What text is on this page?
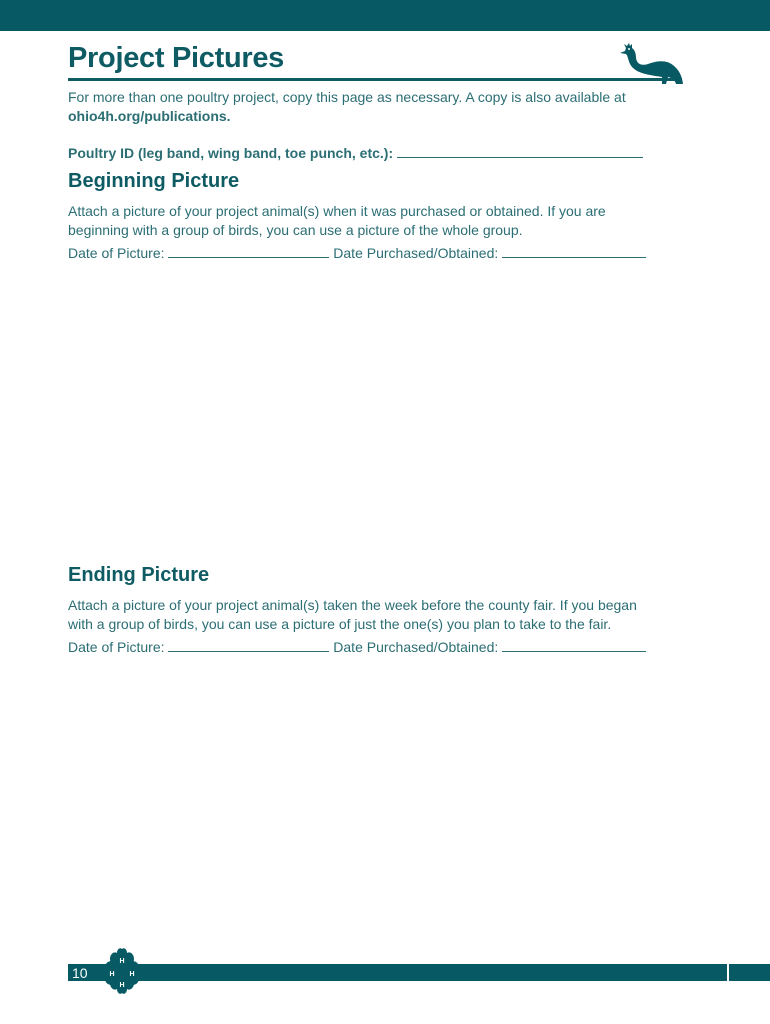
Project Pictures

For more than one poultry project, copy this page as necessary. A copy is also available at

ohio4h.org/publications.

Poultry ID (leg band, wing band, toe punch, etc.):

Beginning Picture

Attach a picture of your project animal(s) when it was purchased or obtained. If you are

beginning with a group of birds, you can use a picture of the whole group.

Date of Picture:	Date Purchased/Obtained:

Ending Picture

Attach a picture of your project animal(s) taken the week before the county fair. If you began

with a group of birds, you can use a picture of just the one(s) you plan to take to the fair.

Date of Picture:	Date Purchased/Obtained:

10
H
H
H
H
